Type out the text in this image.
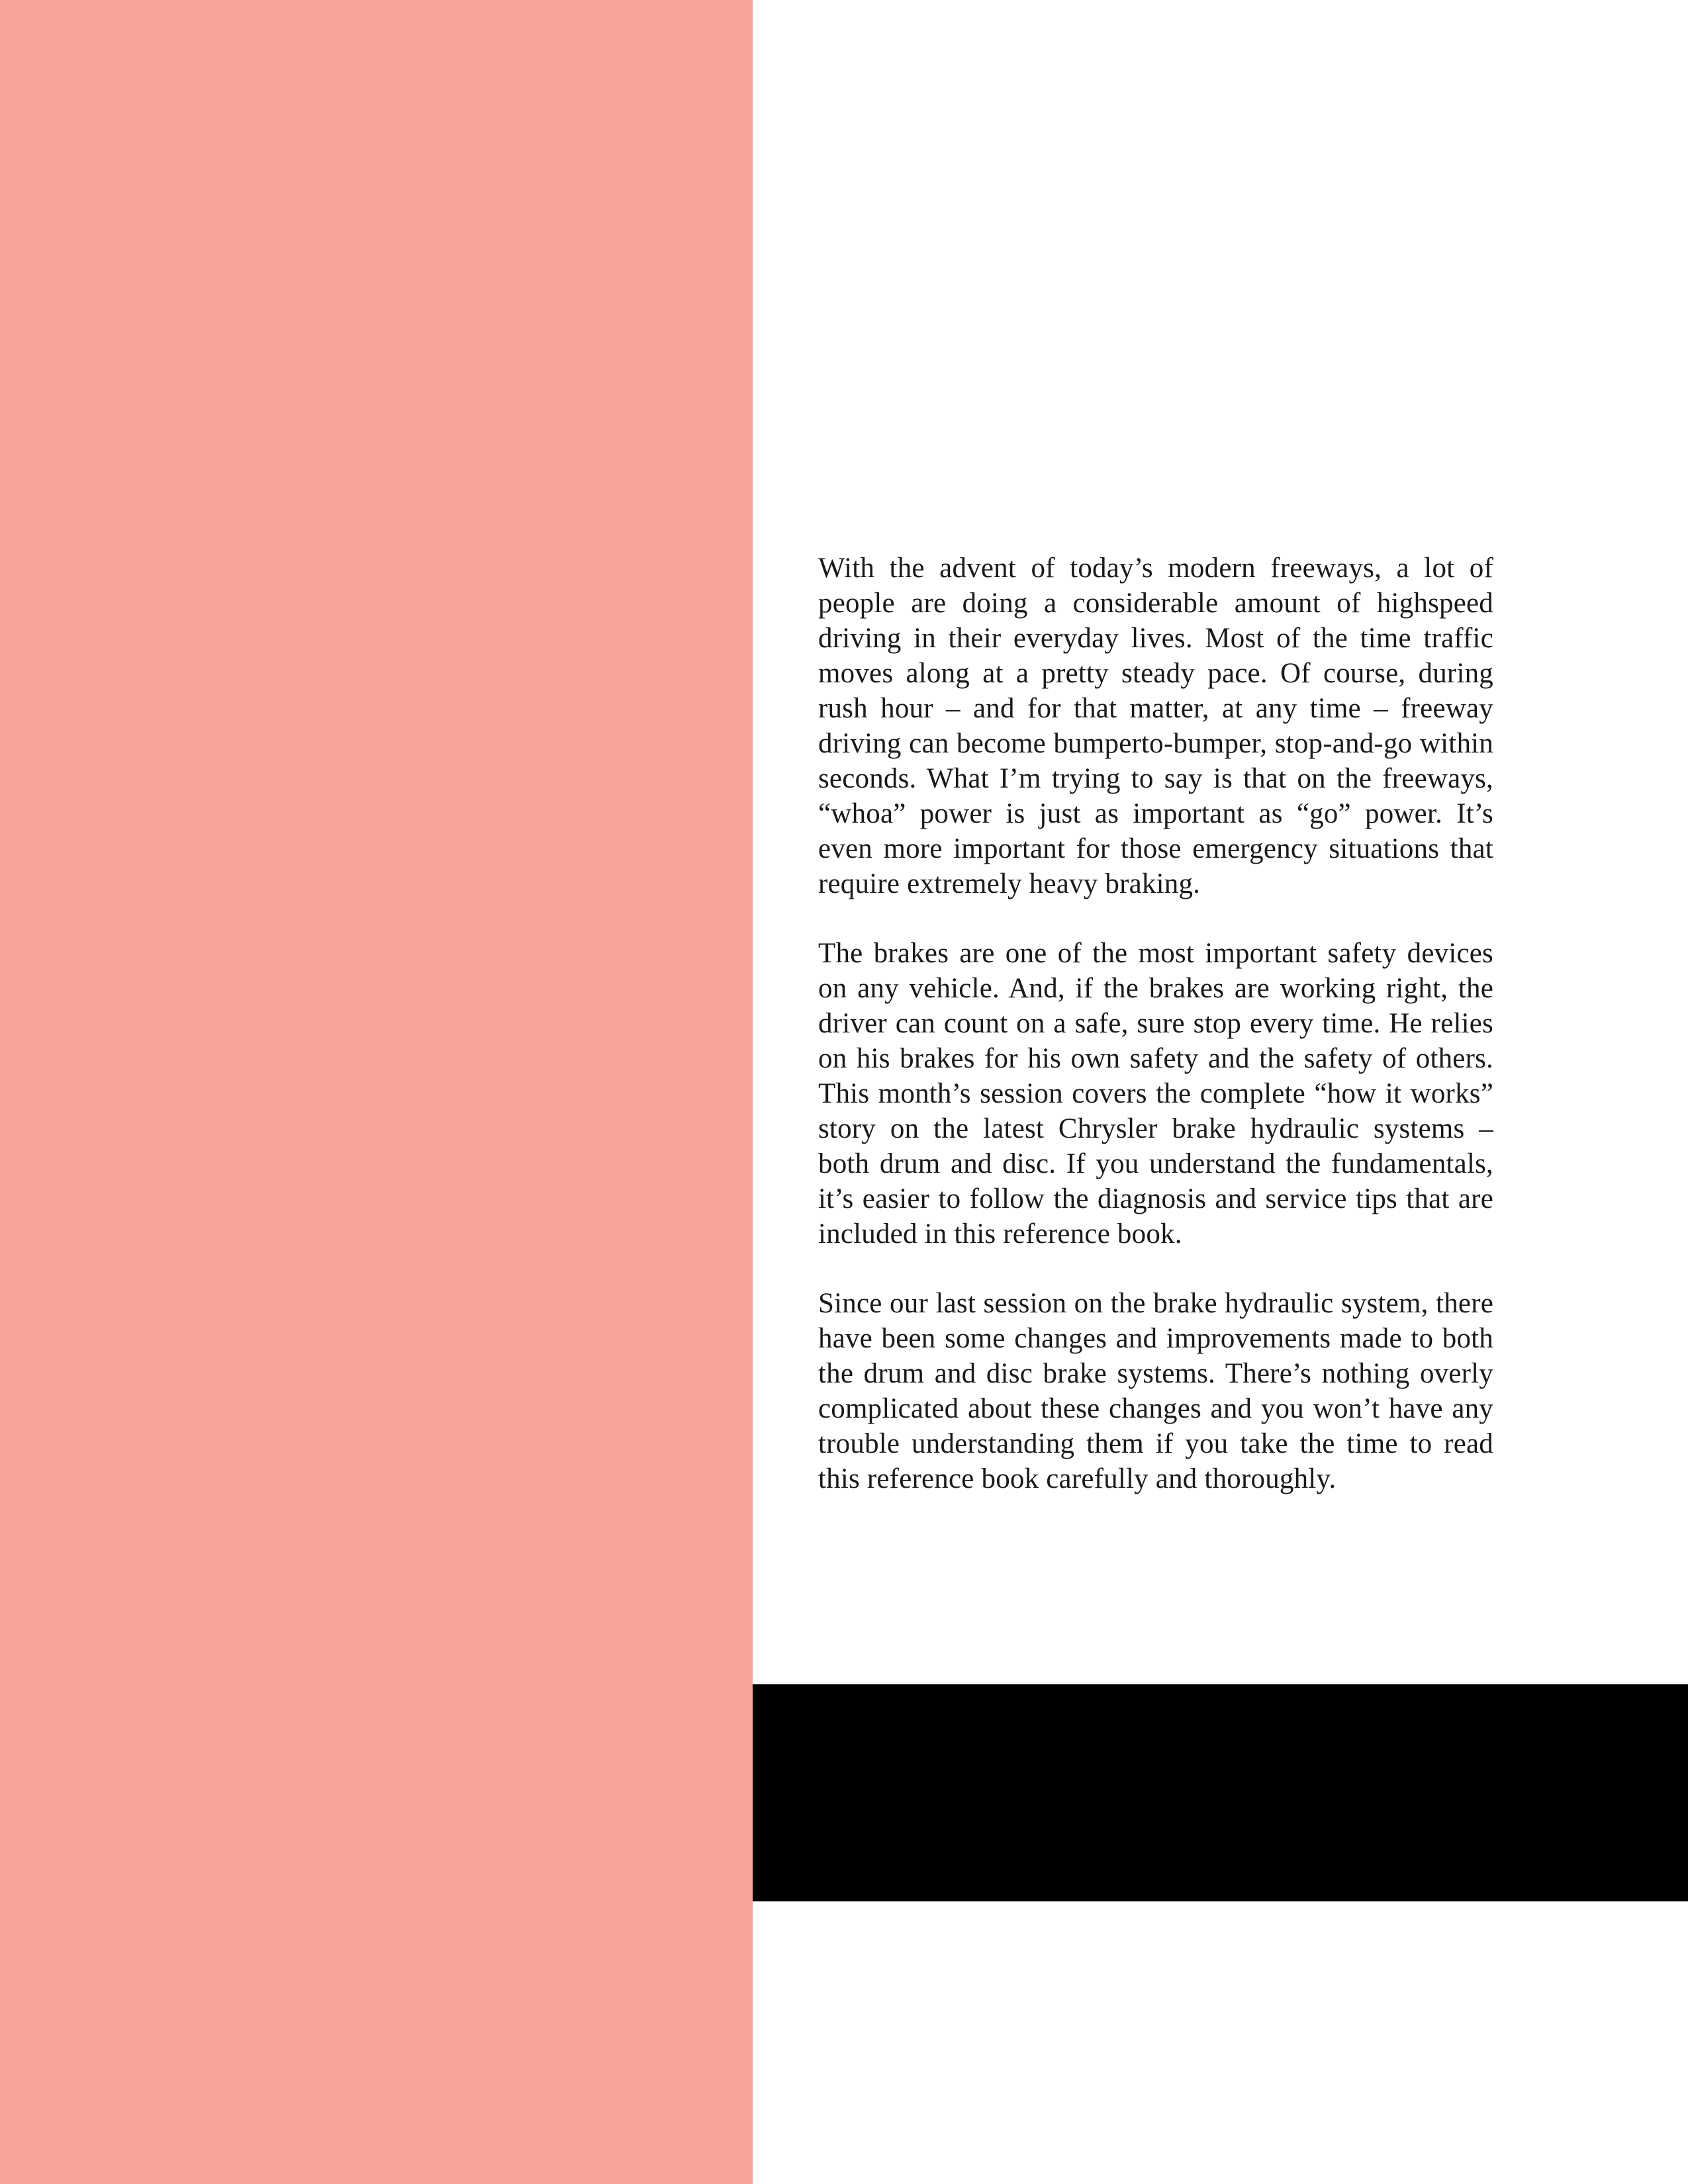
With the advent of today’s modern freeways, a lot of people are doing a considerable amount of highspeed driving in their everyday lives. Most of the time traffic moves along at a pretty steady pace. Of course, during rush hour – and for that matter, at any time – freeway driving can become bumperto-bumper, stop-and-go within seconds. What I’m trying to say is that on the freeways, “whoa” power is just as important as “go” power. It’s even more important for those emergency situations that require extremely heavy braking.

The brakes are one of the most important safety devices on any vehicle. And, if the brakes are working right, the driver can count on a safe, sure stop every time. He relies on his brakes for his own safety and the safety of others. This month’s session covers the complete “how it works” story on the latest Chrysler brake hydraulic systems – both drum and disc. If you understand the fundamentals, it’s easier to follow the diagnosis and service tips that are included in this reference book.

Since our last session on the brake hydraulic system, there have been some changes and improvements made to both the drum and disc brake systems. There’s nothing overly complicated about these changes and you won’t have any trouble understanding them if you take the time to read this reference book carefully and thoroughly.
